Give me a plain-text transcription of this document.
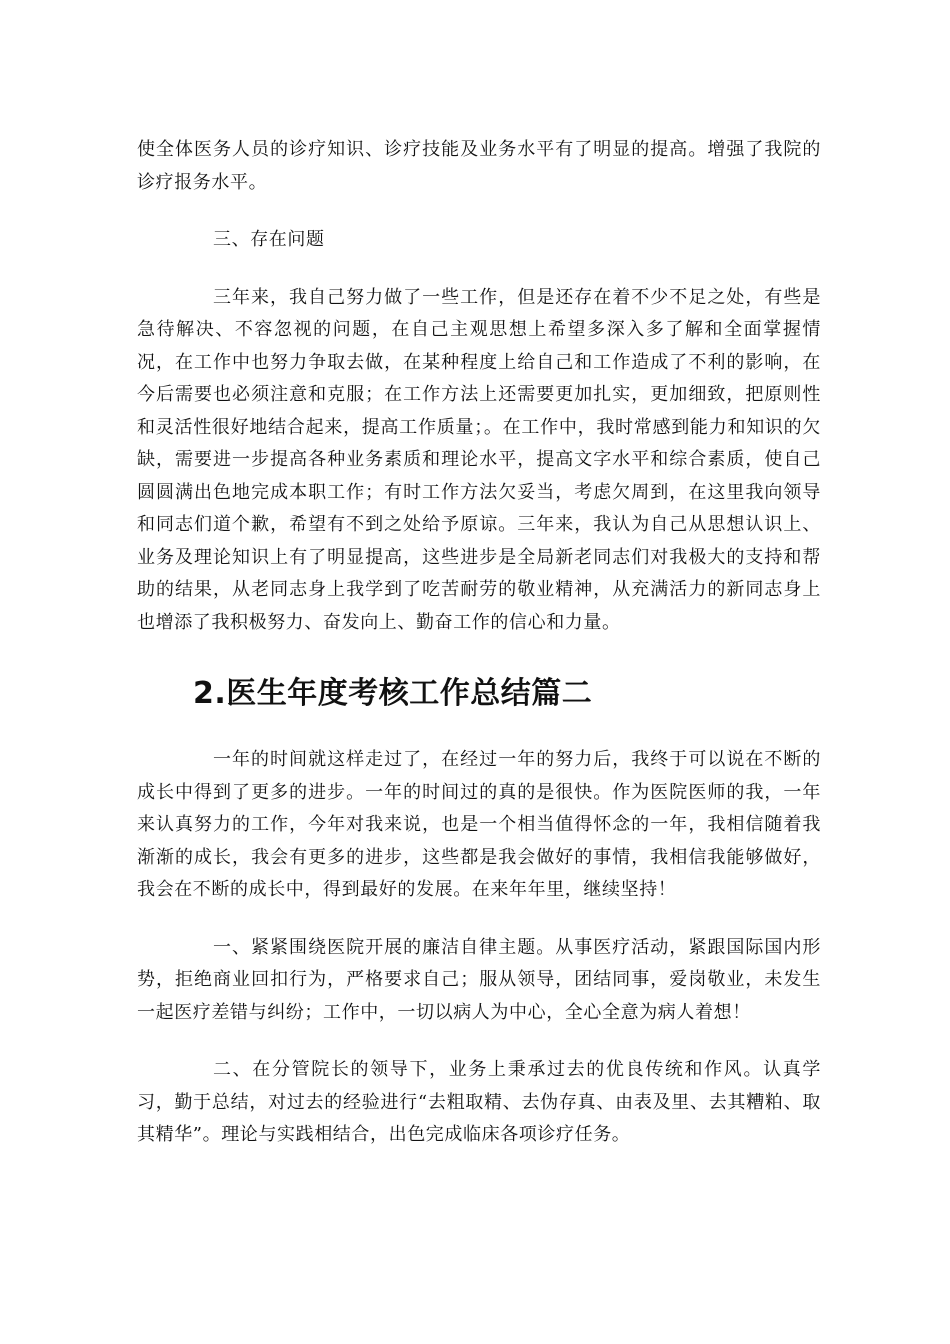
使全体医务人员的诊疗知识、诊疗技能及业务水平有了明显的提高。增强了我院的诊疗报务水平。

三、存在问题

三年来，我自己努力做了一些工作，但是还存在着不少不足之处，有些是急待解决、不容忽视的问题，在自己主观思想上希望多深入多了解和全面掌握情况，在工作中也努力争取去做，在某种程度上给自己和工作造成了不利的影响，在今后需要也必须注意和克服；在工作方法上还需要更加扎实，更加细致，把原则性和灵活性很好地结合起来，提高工作质量；。在工作中，我时常感到能力和知识的欠缺，需要进一步提高各种业务素质和理论水平，提高文字水平和综合素质，使自己圆圆满出色地完成本职工作；有时工作方法欠妥当，考虑欠周到，在这里我向领导和同志们道个歉，希望有不到之处给予原谅。三年来，我认为自己从思想认识上、业务及理论知识上有了明显提高，这些进步是全局新老同志们对我极大的支持和帮助的结果，从老同志身上我学到了吃苦耐劳的敬业精神，从充满活力的新同志身上也增添了我积极努力、奋发向上、勤奋工作的信心和力量。

2.医生年度考核工作总结篇二

一年的时间就这样走过了，在经过一年的努力后，我终于可以说在不断的成长中得到了更多的进步。一年的时间过的真的是很快。作为医院医师的我，一年来认真努力的工作，今年对我来说，也是一个相当值得怀念的一年，我相信随着我渐渐的成长，我会有更多的进步，这些都是我会做好的事情，我相信我能够做好，我会在不断的成长中，得到最好的发展。在来年年里，继续坚持！

一、紧紧围绕医院开展的廉洁自律主题。从事医疗活动，紧跟国际国内形势，拒绝商业回扣行为，严格要求自己；服从领导，团结同事，爱岗敬业，未发生一起医疗差错与纠纷；工作中，一切以病人为中心，全心全意为病人着想！

二、在分管院长的领导下，业务上秉承过去的优良传统和作风。认真学习，勤于总结，对过去的经验进行“去粗取精、去伪存真、由表及里、去其糟粕、取其精华”。理论与实践相结合，出色完成临床各项诊疗任务。
